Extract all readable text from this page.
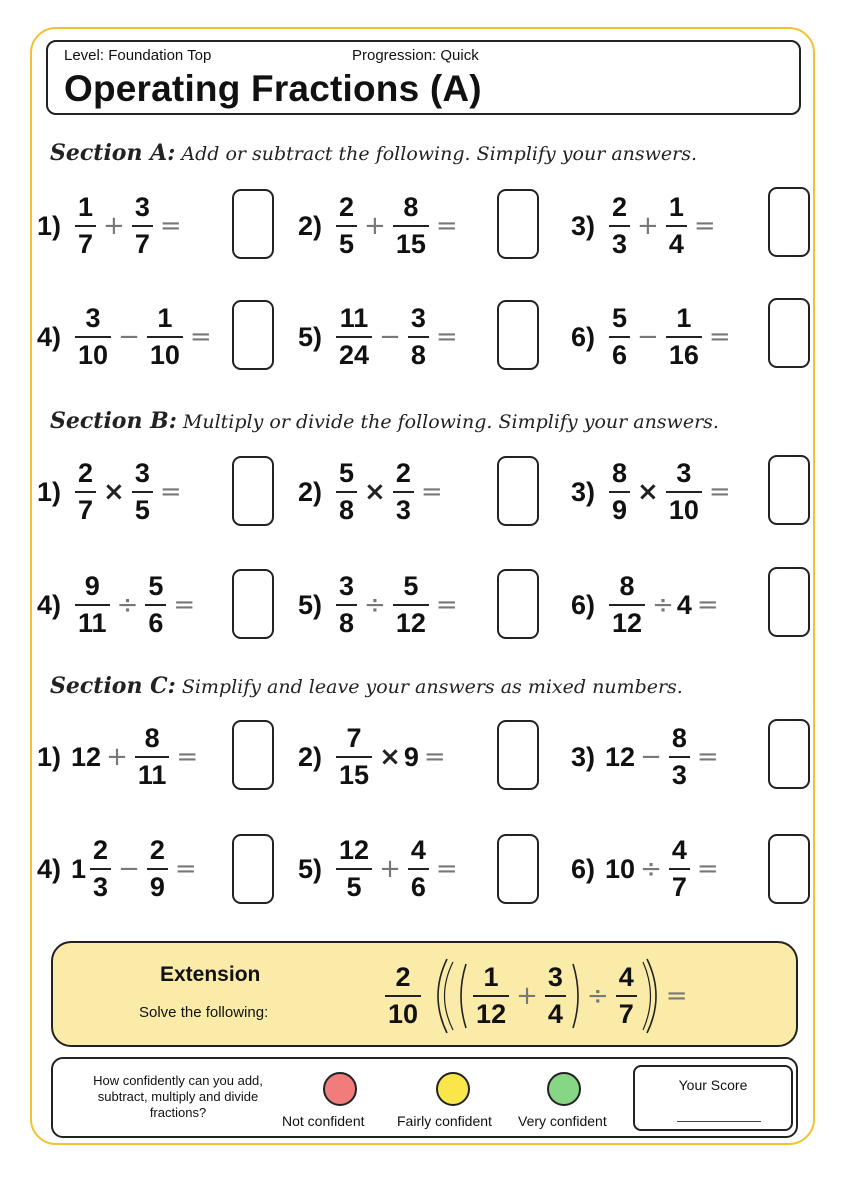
Level: Foundation Top	Progression: Quick
Operating Fractions (A)
Section A: Add or subtract the following. Simplify your answers.
Section B: Multiply or divide the following. Simplify your answers.
Section C: Simplify and leave your answers as mixed numbers.
$1) \frac{1}{7} + \frac{3}{7}$ =	$2) \frac{2}{5} + \frac{8}{15}$ =	$3) \frac{2}{3} + \frac{1}{4}$ =
$4) \frac{3}{10} - \frac{1}{10}$ =	$5) \frac{11}{24} - \frac{3}{8}$ =	$6) \frac{5}{6} - \frac{1}{16}$ =
$1) \frac{2}{7} \times \frac{3}{5}$ =	$2) \frac{5}{8} \times \frac{2}{3}$ =	$3) \frac{8}{9} \times \frac{3}{10}$ =
$4) \frac{9}{11} \div \frac{5}{6}$ =	$5) \frac{3}{8} \div \frac{5}{12}$ =	$6) \frac{8}{12} \div 4$ =
1) $12 + \frac{8}{11}$ =	$2) \frac{7}{15} \times 9$ =	3) $12 - \frac{8}{3}$ =
4) $1 \frac{2}{3} - \frac{2}{9}$ =	$5) \frac{12}{5} + \frac{4}{6}$ =	6) $10 \div \frac{4}{7}$ =
Extension
Solve the following:	$\frac{2}{10} \frac{1}{12} + \frac{3}{4} \div \frac{4}{7}$ =
How confidently can you add, subtract, multiply and divide fractions?
Not confident Fairly confident Very confident
Your Score
